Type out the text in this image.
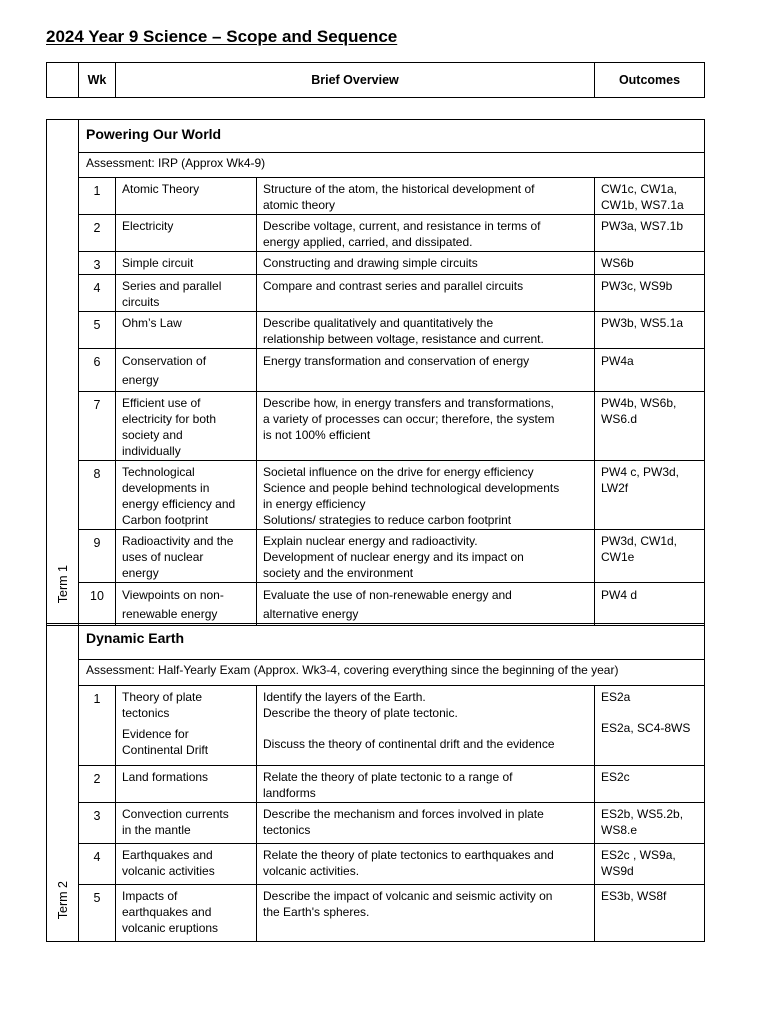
2024 Year 9 Science – Scope and Sequence
	Wk	Brief Overview	Outcomes
Term 1	Powering Our World			
	Assessment: IRP (Approx Wk4-9)			
	1	Atomic Theory	Structure of the atom, the historical development of
atomic theory	CW1c, CW1a,
CW1b, WS7.1a

	2	Electricity	Describe voltage, current, and resistance in terms of
energy applied, carried, and dissipated.	PW3a, WS7.1b

	3	Simple circuit	Constructing and drawing simple circuits	WS6b

	4	Series and parallel
circuits	Compare and contrast series and parallel circuits	PW3c, WS9b

	5	Ohm’s Law	Describe qualitatively and quantitatively the
relationship between voltage, resistance and current.	PW3b, WS5.1a

	6	Conservation of
energy	Energy transformation and conservation of energy	PW4a

	7	Efficient use of
electricity for both
society and
individually	Describe how, in energy transfers and transformations,
a variety of processes can occur; therefore, the system
is not 100% efficient	PW4b, WS6b,
WS6.d

	8	Technological
developments in
energy efficiency and
Carbon footprint	Societal influence on the drive for energy efficiency
Science and people behind technological developments
in energy efficiency
Solutions/ strategies to reduce carbon footprint	PW4 c, PW3d,
LW2f

	9	Radioactivity and the
uses of nuclear
energy	Explain nuclear energy and radioactivity.
Development of nuclear energy and its impact on
society and the environment	PW3d, CW1d,
CW1e

	10	Viewpoints on non-
renewable energy	Evaluate the use of non-renewable energy and
alternative energy	PW4 d
Term 2	Dynamic Earth			
	Assessment: Half-Yearly Exam (Approx. Wk3-4, covering everything since the beginning of the year)			
	1	Theory of plate
tectonics
Evidence for
Continental Drift	Identify the layers of the Earth.
Describe the theory of plate tectonic.
Discuss the theory of continental drift and the evidence	ES2a
ES2a, SC4-8WS

	2	Land formations	Relate the theory of plate tectonic to a range of
landforms	ES2c

	3	Convection currents
in the mantle	Describe the mechanism and forces involved in plate
tectonics	ES2b, WS5.2b,
WS8.e

	4	Earthquakes and
volcanic activities	Relate the theory of plate tectonics to earthquakes and
volcanic activities.	ES2c , WS9a,
WS9d

	5	Impacts of
earthquakes and
volcanic eruptions	Describe the impact of volcanic and seismic activity on
the Earth's spheres.	ES3b, WS8f
